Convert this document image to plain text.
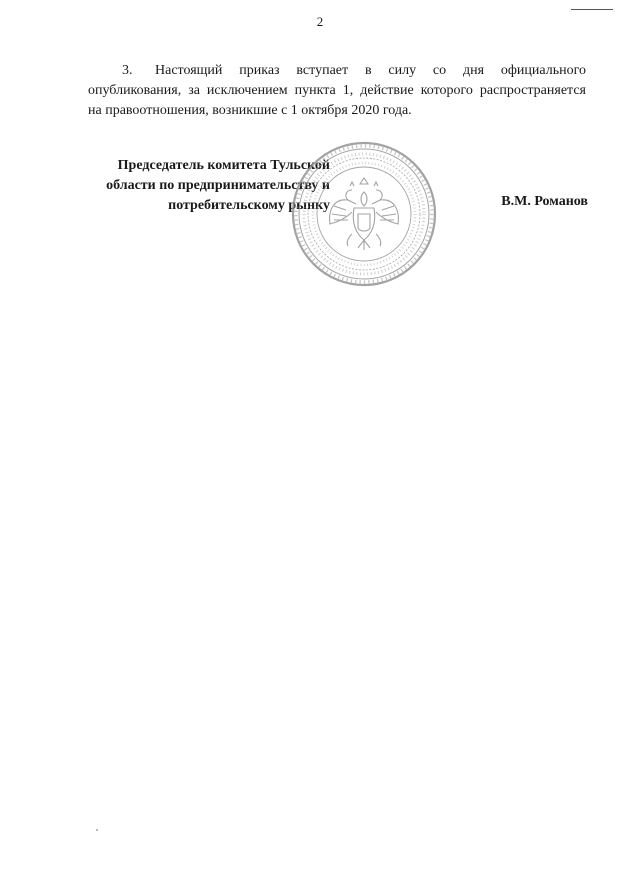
2
3. Настоящий приказ вступает в силу со дня официального
опубликования, за исключением пункта 1, действие которого распространяется
на правоотношения, возникшие с 1 октября 2020 года.
Председатель комитета Тульской
области по предпринимательству и
потребительскому рынку	В.М. Романов
